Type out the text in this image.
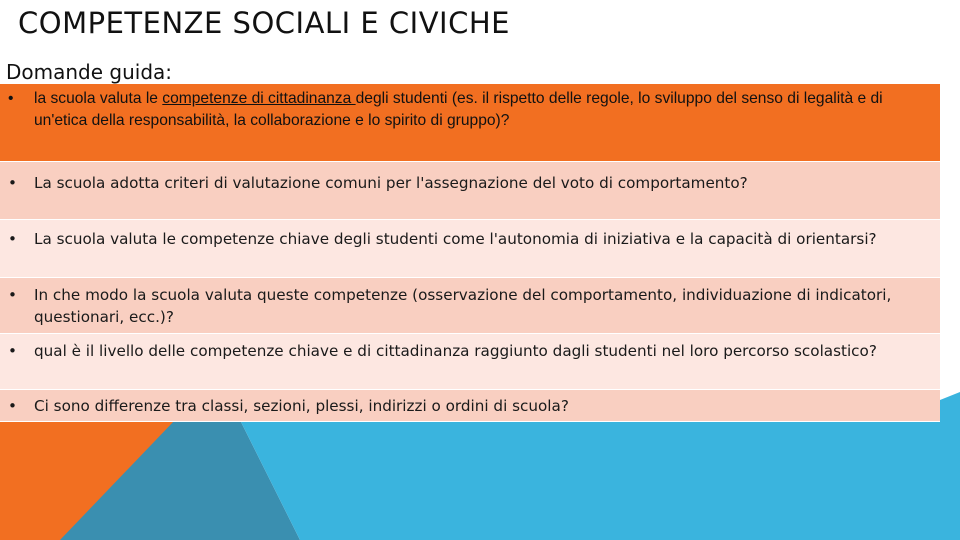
COMPETENZE SOCIALI E CIVICHE
Domande guida:
•	la scuola valuta le competenze di cittadinanza degli studenti (es. il rispetto delle regole, lo sviluppo del senso di legalità e di un'etica della responsabilità, la collaborazione e lo spirito di gruppo)?
•	La scuola adotta criteri di valutazione comuni per l'assegnazione del voto di comportamento?
•	La scuola valuta le competenze chiave degli studenti come l'autonomia di iniziativa e la capacità di orientarsi?
•	In che modo la scuola valuta queste competenze (osservazione del comportamento, individuazione di indicatori, questionari, ecc.)?
•	qual è il livello delle competenze chiave e di cittadinanza raggiunto dagli studenti nel loro percorso scolastico?
•	Ci sono differenze tra classi, sezioni, plessi, indirizzi o ordini di scuola?
